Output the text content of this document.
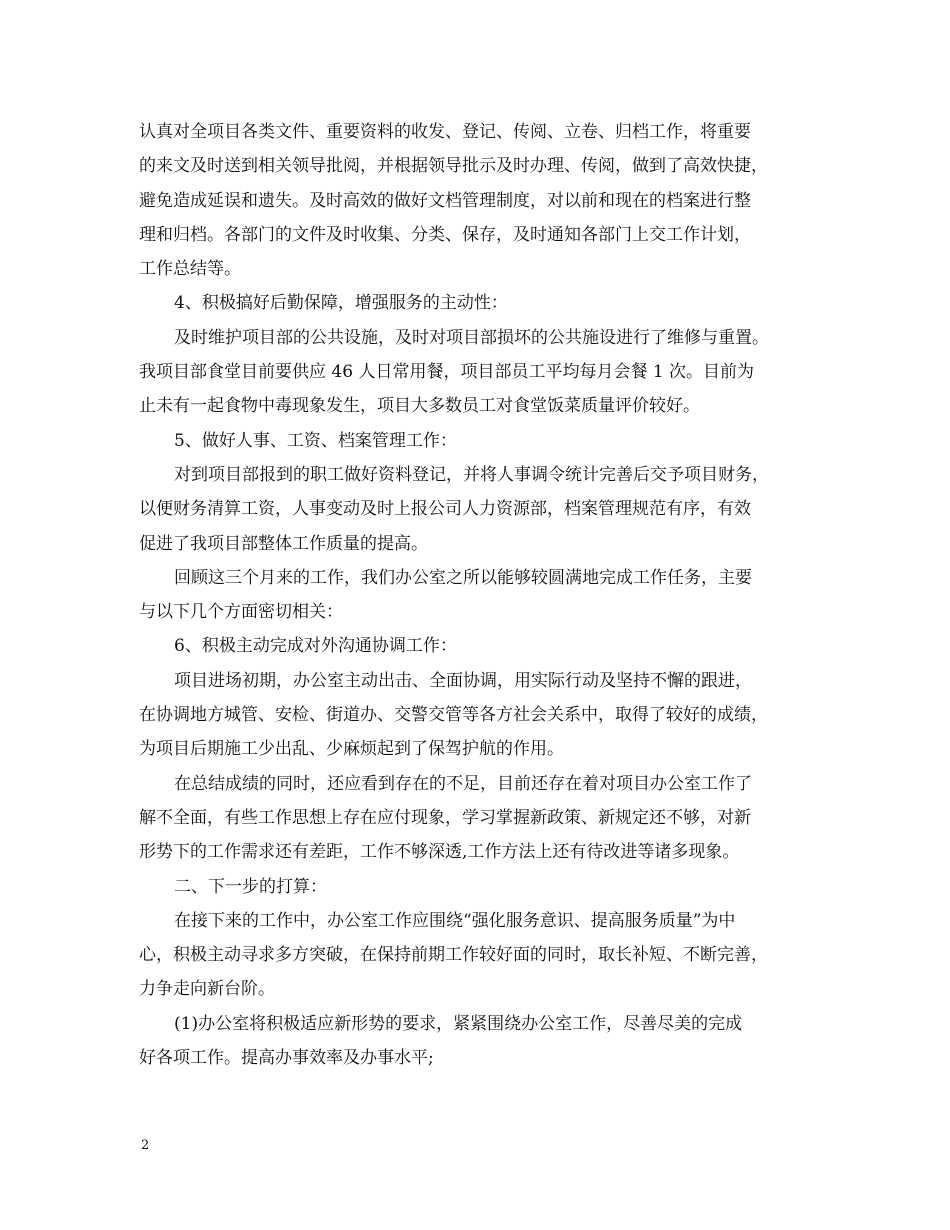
认真对全项目各类文件、重要资料的收发、登记、传阅、立卷、归档工作，将重要
的来文及时送到相关领导批阅，并根据领导批示及时办理、传阅，做到了高效快捷，
避免造成延误和遗失。及时高效的做好文档管理制度，对以前和现在的档案进行整
理和归档。各部门的文件及时收集、分类、保存，及时通知各部门上交工作计划，
工作总结等。
4、积极搞好后勤保障，增强服务的主动性：
及时维护项目部的公共设施，及时对项目部损坏的公共施设进行了维修与重置。
我项目部食堂目前要供应 46 人日常用餐，项目部员工平均每月会餐 1 次。目前为
止未有一起食物中毒现象发生，项目大多数员工对食堂饭菜质量评价较好。
5、做好人事、工资、档案管理工作：
对到项目部报到的职工做好资料登记，并将人事调令统计完善后交予项目财务，
以便财务清算工资，人事变动及时上报公司人力资源部，档案管理规范有序，有效
促进了我项目部整体工作质量的提高。
回顾这三个月来的工作，我们办公室之所以能够较圆满地完成工作任务，主要
与以下几个方面密切相关：
6、积极主动完成对外沟通协调工作：
项目进场初期，办公室主动出击、全面协调，用实际行动及坚持不懈的跟进，
在协调地方城管、安检、街道办、交警交管等各方社会关系中，取得了较好的成绩，
为项目后期施工少出乱、少麻烦起到了保驾护航的作用。
在总结成绩的同时，还应看到存在的不足，目前还存在着对项目办公室工作了
解不全面，有些工作思想上存在应付现象，学习掌握新政策、新规定还不够，对新
形势下的工作需求还有差距，工作不够深透,工作方法上还有待改进等诸多现象。
二、下一步的打算：
在接下来的工作中，办公室工作应围绕“强化服务意识、提高服务质量”为中
心，积极主动寻求多方突破，在保持前期工作较好面的同时，取长补短、不断完善，
力争走向新台阶。
(1)办公室将积极适应新形势的要求，紧紧围绕办公室工作，尽善尽美的完成
好各项工作。提高办事效率及办事水平;
2
